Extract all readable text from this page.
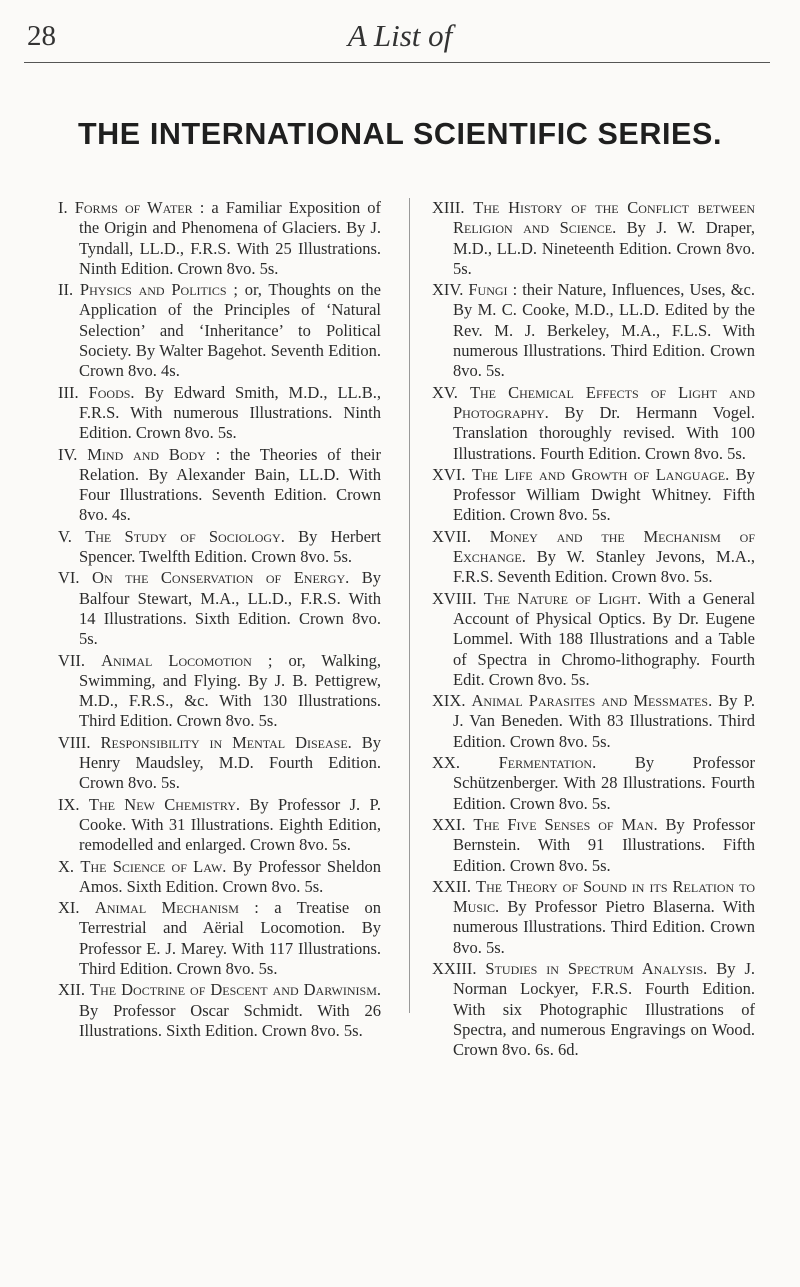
28	A List of
THE INTERNATIONAL SCIENTIFIC SERIES.

I. Forms of Water : a Familiar Exposition of the Origin and Phenomena of Glaciers. By J. Tyndall, LL.D., F.R.S. With 25 Illustrations. Ninth Edition. Crown 8vo. 5s.

II. Physics and Politics ; or, Thoughts on the Application of the Principles of ‘Natural Selection’ and ‘Inheritance’ to Political Society. By Walter Bagehot. Seventh Edition. Crown 8vo. 4s.

III. Foods. By Edward Smith, M.D., LL.B., F.R.S. With numerous Illustrations. Ninth Edition. Crown 8vo. 5s.

IV. Mind and Body : the Theories of their Relation. By Alexander Bain, LL.D. With Four Illustrations. Seventh Edition. Crown 8vo. 4s.

V. The Study of Sociology. By Herbert Spencer. Twelfth Edition. Crown 8vo. 5s.

VI. On the Conservation of Energy. By Balfour Stewart, M.A., LL.D., F.R.S. With 14 Illustrations. Sixth Edition. Crown 8vo. 5s.

VII. Animal Locomotion ; or, Walking, Swimming, and Flying. By J. B. Pettigrew, M.D., F.R.S., &c. With 130 Illustrations. Third Edition. Crown 8vo. 5s.

VIII. Responsibility in Mental Disease. By Henry Maudsley, M.D. Fourth Edition. Crown 8vo. 5s.

IX. The New Chemistry. By Professor J. P. Cooke. With 31 Illustrations. Eighth Edition, remodelled and enlarged. Crown 8vo. 5s.

X. The Science of Law. By Professor Sheldon Amos. Sixth Edition. Crown 8vo. 5s.

XI. Animal Mechanism : a Treatise on Terrestrial and Aërial Locomotion. By Professor E. J. Marey. With 117 Illustrations. Third Edition. Crown 8vo. 5s.

XII. The Doctrine of Descent and Darwinism. By Professor Oscar Schmidt. With 26 Illustrations. Sixth Edition. Crown 8vo. 5s.

XIII. The History of the Conflict between Religion and Science. By J. W. Draper, M.D., LL.D. Nineteenth Edition. Crown 8vo. 5s.

XIV. Fungi : their Nature, Influences, Uses, &c. By M. C. Cooke, M.D., LL.D. Edited by the Rev. M. J. Berkeley, M.A., F.L.S. With numerous Illustrations. Third Edition. Crown 8vo. 5s.

XV. The Chemical Effects of Light and Photography. By Dr. Hermann Vogel. Translation thoroughly revised. With 100 Illustrations. Fourth Edition. Crown 8vo. 5s.

XVI. The Life and Growth of Language. By Professor William Dwight Whitney. Fifth Edition. Crown 8vo. 5s.

XVII. Money and the Mechanism of Exchange. By W. Stanley Jevons, M.A., F.R.S. Seventh Edition. Crown 8vo. 5s.

XVIII. The Nature of Light. With a General Account of Physical Optics. By Dr. Eugene Lommel. With 188 Illustrations and a Table of Spectra in Chromo-lithography. Fourth Edit. Crown 8vo. 5s.

XIX. Animal Parasites and Messmates. By P. J. Van Beneden. With 83 Illustrations. Third Edition. Crown 8vo. 5s.

XX. Fermentation. By Professor Schützenberger. With 28 Illustrations. Fourth Edition. Crown 8vo. 5s.

XXI. The Five Senses of Man. By Professor Bernstein. With 91 Illustrations. Fifth Edition. Crown 8vo. 5s.

XXII. The Theory of Sound in its Relation to Music. By Professor Pietro Blaserna. With numerous Illustrations. Third Edition. Crown 8vo. 5s.

XXIII. Studies in Spectrum Analysis. By J. Norman Lockyer, F.R.S. Fourth Edition. With six Photographic Illustrations of Spectra, and numerous Engravings on Wood. Crown 8vo. 6s. 6d.
